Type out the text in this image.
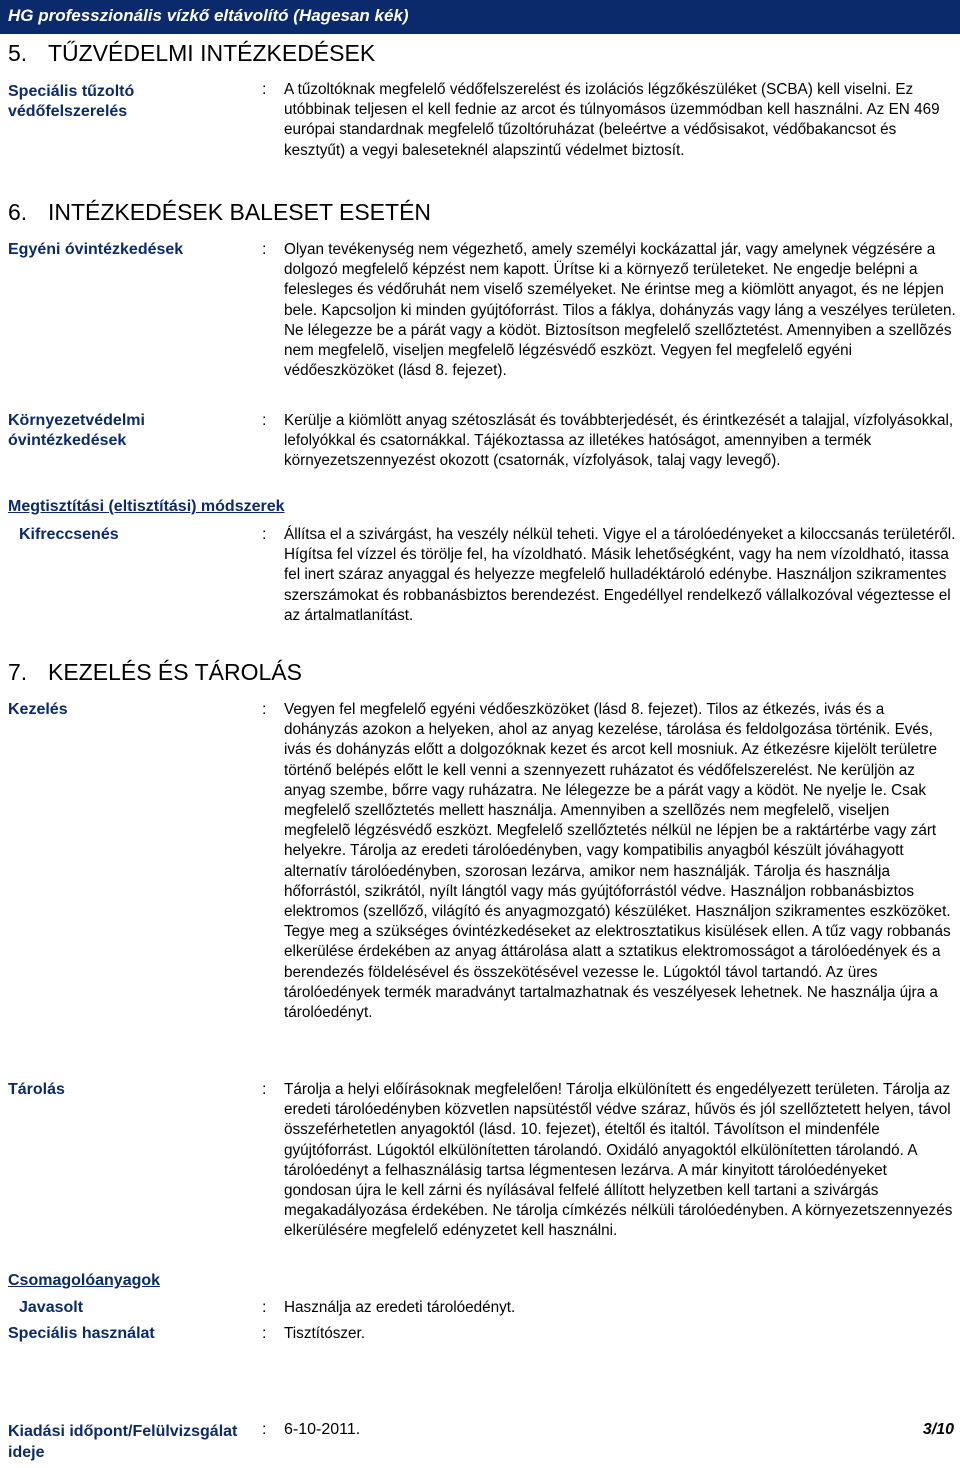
HG professzionális vízkő eltávolító (Hagesan kék)
5. TŰZVÉDELMI INTÉZKEDÉSEK
Speciális tűzoltó védőfelszerelés
: A tűzoltóknak megfelelő védőfelszerelést és izolációs légzőkészüléket (SCBA) kell viselni. Ez utóbbinak teljesen el kell fednie az arcot és túlnyomásos üzemmódban kell használni. Az EN 469 európai standardnak megfelelő tűzoltóruházat (beleértve a védősisakot, védőbakancsot és kesztyűt) a vegyi baleseteknél alapszintű védelmet biztosít.

6. INTÉZKEDÉSEK BALESET ESETÉN
Egyéni óvintézkedések	: Olyan tevékenység nem végezhető, amely személyi kockázattal jár, vagy amelynek végzésére a dolgozó megfelelő képzést nem kapott. Ürítse ki a környező területeket. Ne engedje belépni a felesleges és védőruhát nem viselő személyeket. Ne érintse meg a kiömlött anyagot, és ne lépjen bele. Kapcsoljon ki minden gyújtóforrást. Tilos a fáklya, dohányzás vagy láng a veszélyes területen. Ne lélegezze be a párát vagy a ködöt. Biztosítson megfelelő szellőztetést. Amennyiben a szellõzés nem megfelelõ, viseljen megfelelõ légzésvédő eszközt. Vegyen fel megfelelő egyéni védőeszközöket (lásd 8. fejezet).

Környezetvédelmi óvintézkedések
: Kerülje a kiömlött anyag szétoszlását és továbbterjedését, és érintkezését a talajjal, vízfolyásokkal, lefolyókkal és csatornákkal. Tájékoztassa az illetékes hatóságot, amennyiben a termék környezetszennyezést okozott (csatornák, vízfolyások, talaj vagy levegő).

Megtisztítási (eltisztítási) módszerek
Kifreccsenés	: Állítsa el a szivárgást, ha veszély nélkül teheti. Vigye el a tárolóedényeket a kiloccsanás területéről. Hígítsa fel vízzel és törölje fel, ha vízoldható. Másik lehetőségként, vagy ha nem vízoldható, itassa fel inert száraz anyaggal és helyezze megfelelő hulladéktároló edénybe. Használjon szikramentes szerszámokat és robbanásbiztos berendezést. Engedéllyel rendelkező vállalkozóval végeztesse el az ártalmatlanítást.

7. KEZELÉS ÉS TÁROLÁS
Kezelés	: Vegyen fel megfelelő egyéni védőeszközöket (lásd 8. fejezet). Tilos az étkezés, ivás és a dohányzás azokon a helyeken, ahol az anyag kezelése, tárolása és feldolgozása történik. Evés, ivás és dohányzás előtt a dolgozóknak kezet és arcot kell mosniuk. Az étkezésre kijelölt területre történő belépés előtt le kell venni a szennyezett ruházatot és védőfelszerelést. Ne kerüljön az anyag szembe, bőrre vagy ruházatra. Ne lélegezze be a párát vagy a ködöt. Ne nyelje le. Csak megfelelő szellőztetés mellett használja. Amennyiben a szellõzés nem megfelelõ, viseljen megfelelõ légzésvédő eszközt. Megfelelő szellőztetés nélkül ne lépjen be a raktártérbe vagy zárt helyekre. Tárolja az eredeti tárolóedényben, vagy kompatibilis anyagból készült jóváhagyott alternatív tárolóedényben, szorosan lezárva, amikor nem használják. Tárolja és használja hőforrástól, szikrától, nyílt lángtól vagy más gyújtóforrástól védve. Használjon robbanásbiztos elektromos (szellőző, világító és anyagmozgató) készüléket. Használjon szikramentes eszközöket. Tegye meg a szükséges óvintézkedéseket az elektrosztatikus kisülések ellen. A tűz vagy robbanás elkerülése érdekében az anyag áttárolása alatt a sztatikus elektromosságot a tárolóedények és a berendezés földelésével és összekötésével vezesse le. Lúgoktól távol tartandó. Az üres tárolóedények termék maradványt tartalmazhatnak és veszélyesek lehetnek. Ne használja újra a tárolóedényt.

Tárolás	: Tárolja a helyi előírásoknak megfelelően! Tárolja elkülönített és engedélyezett területen. Tárolja az eredeti tárolóedényben közvetlen napsütéstől védve száraz, hűvös és jól szellőztetett helyen, távol összeférhetetlen anyagoktól (lásd. 10. fejezet), ételtől és italtól. Távolítson el mindenféle gyújtóforrást. Lúgoktól elkülönítetten tárolandó. Oxidáló anyagoktól elkülönítetten tárolandó. A tárolóedényt a felhasználásig tartsa légmentesen lezárva. A már kinyitott tárolóedényeket gondosan újra le kell zárni és nyílásával felfelé állított helyzetben kell tartani a szivárgás megakadályozása érdekében. Ne tárolja címkézés nélküli tárolóedényben. A környezetszennyezés elkerülésére megfelelő edényzetet kell használni.

Csomagolóanyagok
Javasolt	: Használja az eredeti tárolóedényt.

Speciális használat	: Tisztítószer.

Kiadási időpont/Felülvizsgálat ideje
: 6-10-2011.	3/10
